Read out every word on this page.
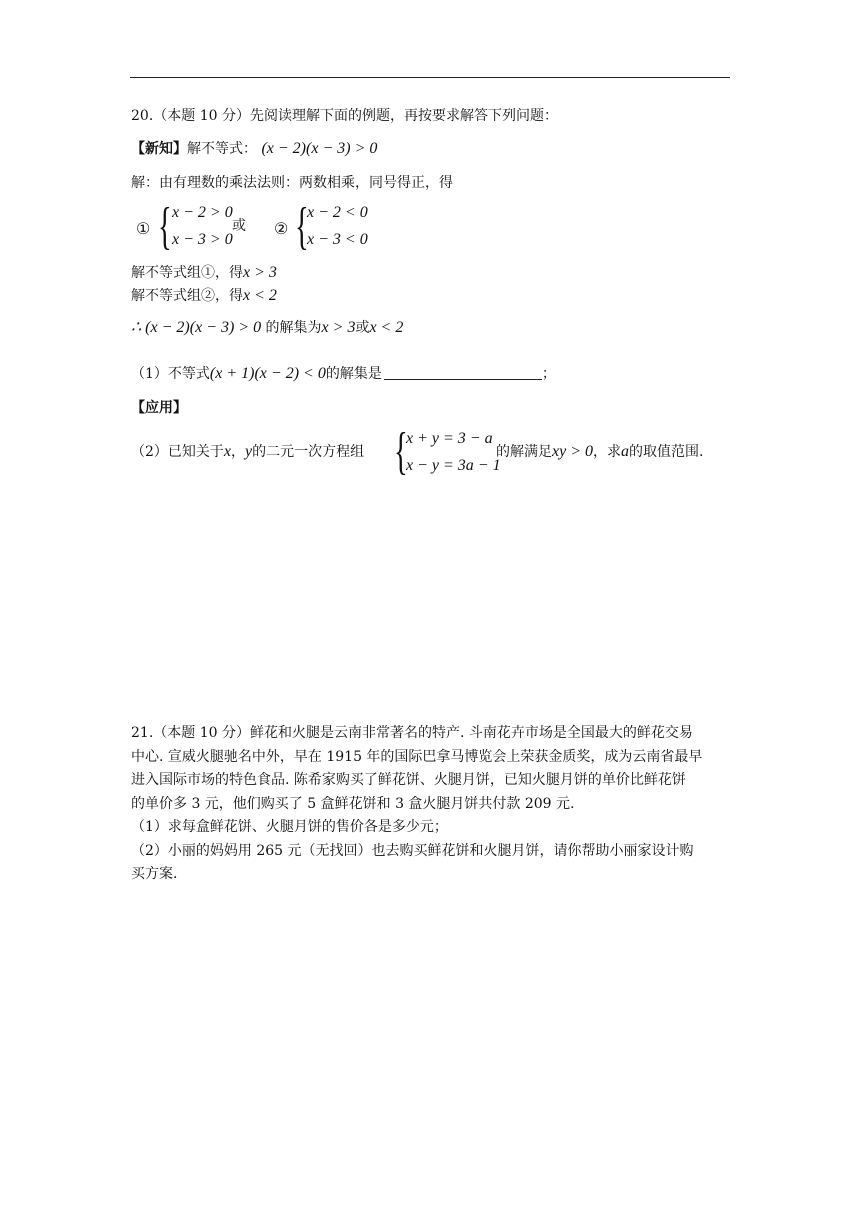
20.（本题 10 分）先阅读理解下面的例题，再按要求解答下列问题：
【新知】解不等式： (x − 2)(x − 3) > 0
解：由有理数的乘法法则：两数相乘，同号得正，得
① { x − 2 > 0
x − 3 > 0
或 ② {
x − 2 < 0
x − 3 < 0
解不等式组①，得x > 3
解不等式组②，得x < 2
∴ (x − 2)(x − 3) > 0 的解集为x > 3或x < 2
（1）不等式(x + 1)(x − 2) < 0的解集是	；
【应用】
（2）已知关于x，y的二元一次方程组 {
x + y = 3 − a
x − y = 3a − 1
的解满足xy > 0，求a的取值范围.
21.（本题 10 分）鲜花和火腿是云南非常著名的特产. 斗南花卉市场是全国最大的鲜花交易
中心. 宣威火腿驰名中外，早在 1915 年的国际巴拿马博览会上荣获金质奖，成为云南省最早
进入国际市场的特色食品. 陈希家购买了鲜花饼、火腿月饼，已知火腿月饼的单价比鲜花饼
的单价多 3 元，他们购买了 5 盒鲜花饼和 3 盒火腿月饼共付款 209 元.
（1）求每盒鲜花饼、火腿月饼的售价各是多少元；
（2）小丽的妈妈用 265 元（无找回）也去购买鲜花饼和火腿月饼，请你帮助小丽家设计购
买方案.
